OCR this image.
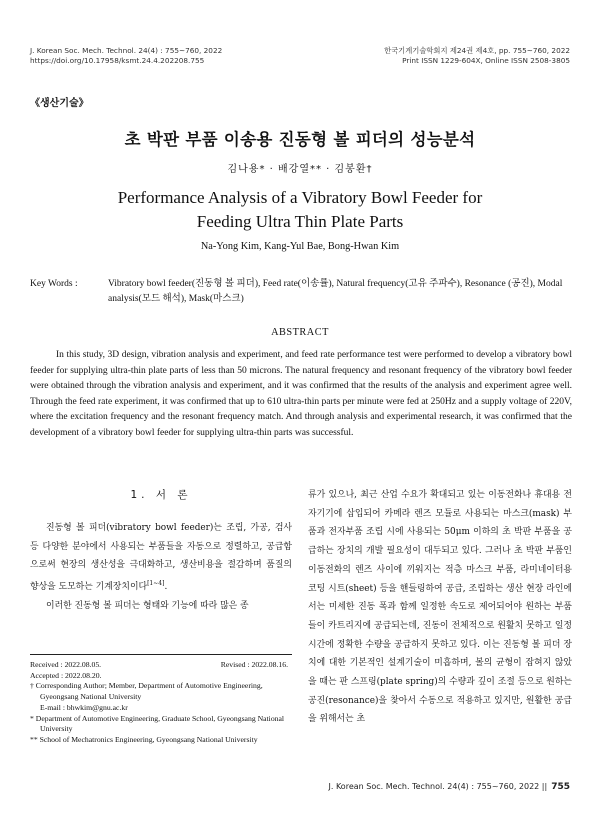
J. Korean Soc. Mech. Technol. 24(4) : 755~760, 2022
https://doi.org/10.17958/ksmt.24.4.202208.755
한국기계기술학회지 제24권 제4호, pp. 755~760, 2022
Print ISSN 1229-604X, Online ISSN 2508-3805
《생산기술》
초 박판 부품 이송용 진동형 볼 피더의 성능분석
김나용* · 배강열** · 김봉환†
Performance Analysis of a Vibratory Bowl Feeder for
Feeding Ultra Thin Plate Parts
Na-Yong Kim, Kang-Yul Bae, Bong-Hwan Kim
Key Words :	Vibratory bowl feeder(진동형 볼 피더), Feed rate(이송률), Natural frequency(고유 주파수), Resonance (공진), Modal analysis(모드 해석), Mask(마스크)
ABSTRACT
In this study, 3D design, vibration analysis and experiment, and feed rate performance test were performed to develop a vibratory bowl feeder for supplying ultra-thin plate parts of less than 50 microns. The natural frequency and resonant frequency of the vibratory bowl feeder were obtained through the vibration analysis and experiment, and it was confirmed that the results of the analysis and experiment agree well. Through the feed rate experiment, it was confirmed that up to 610 ultra-thin parts per minute were fed at 250Hz and a supply voltage of 220V, where the excitation frequency and the resonant frequency match. And through analysis and experimental research, it was confirmed that the development of a vibratory bowl feeder for supplying ultra-thin parts was successful.
1. 서 론

진동형 볼 피더(vibratory bowl feeder)는 조립, 가공, 검사 등 다양한 분야에서 사용되는 부품들을 자동으로 정렬하고, 공급함으로써 현장의 생산성을 극대화하고, 생산비용을 절감하며 품질의 향상을 도모하는 기계장치이다[1~4].

이러한 진동형 볼 피더는 형태와 기능에 따라 많은 종

Received : 2022.08.05.	Revised : 2022.08.16.
Accepted : 2022.08.20.
† Corresponding Author; Member, Department of Automotive Engineering, Gyeongsang National University
E-mail : bhwkim@gnu.ac.kr
* Department of Automotive Engineering, Graduate School, Gyeongsang National University
** School of Mechatronics Engineering, Gyeongsang National University

류가 있으나, 최근 산업 수요가 확대되고 있는 이동전화나 휴대용 전자기기에 삽입되어 카메라 렌즈 모듈로 사용되는 마스크(mask) 부품과 전자부품 조립 시에 사용되는 50μm 이하의 초 박판 부품을 공급하는 장치의 개발 필요성이 대두되고 있다. 그러나 초 박판 부품인 이동전화의 렌즈 사이에 끼워지는 적층 마스크 부품, 라미네이터용 코팅 시트(sheet) 등을 핸들링하여 공급, 조립하는 생산 현장 라인에서는 미세한 진동 폭과 함께 일정한 속도로 제어되어야 원하는 부품들이 카트리지에 공급되는데, 진동이 전체적으로 원활치 못하고 일정 시간에 정확한 수량을 공급하지 못하고 있다. 이는 진동형 볼 피더 장치에 대한 기본적인 설계기술이 미흡하며, 볼의 균형이 잡혀지 않았을 때는 판 스프링(plate spring)의 수량과 깊이 조절 등으로 원하는 공진(resonance)을 찾아서 수동으로 적용하고 있지만, 원활한 공급을 위해서는 초

J. Korean Soc. Mech. Technol. 24(4) : 755~760, 2022 || 755
